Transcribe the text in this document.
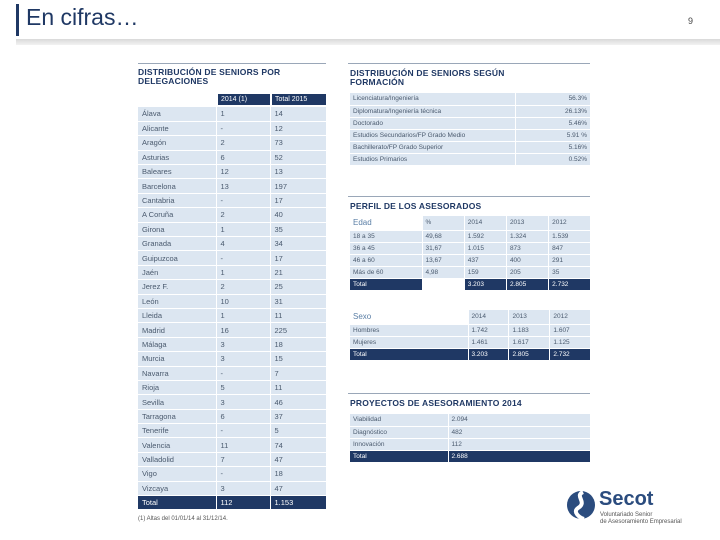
En cifras…	9
DISTRIBUCIÓN DE SENIORS POR
DELEGACIONES
2014 (1)	Total 2015
Álava	1	14
Alicante	-	12
Aragón	2	73
Asturias	6	52
Baleares	12	13
Barcelona	13	197
Cantabria	-	17
A Coruña	2	40
Girona	1	35
Granada	4	34
Guipuzcoa	-	17
Jaén	1	21
Jerez F.	2	25
León	10	31
Lleida	1	11
Madrid	16	225
Málaga	3	18
Murcia	3	15
Navarra	-	7
Rioja	5	11
Sevilla	3	46
Tarragona	6	37
Tenerife	-	5
Valencia	11	74
Valladolid	7	47
Vigo	-	18
Vizcaya	3	47
Total	112	1.153
(1) Altas del 01/01/14 al 31/12/14.
DISTRIBUCIÓN DE SENIORS SEGÚN
FORMACIÓN
Licenciatura/Ingeniería	56.3%
Diplomatura/Ingeniería técnica	26.13%
Doctorado	5.46%
Estudios Secundarios/FP Grado Medio	5.91 %
Bachillerato/FP Grado Superior	5.16%
Estudios Primarios	0.52%
PERFIL DE LOS ASESORADOS
Edad	%	2014	2013	2012
18 a 35	49,68	1.592	1.324	1.539
36 a 45	31,67	1.015	873	847
46 a 60	13,67	437	400	291
Más de 60	4,98	159	205	35
Total		3.203	2.805	2.732
Sexo	2014	2013	2012
Hombres	1.742	1.183	1.607
Mujeres	1.461	1.617	1.125
Total	3.203	2.805	2.732
PROYECTOS DE ASESORAMIENTO 2014
Viabilidad	2.094
Diagnóstico	482
Innovación	112
Total	2.688
Secot
Voluntariado Senior
de Asesoramiento Empresarial
